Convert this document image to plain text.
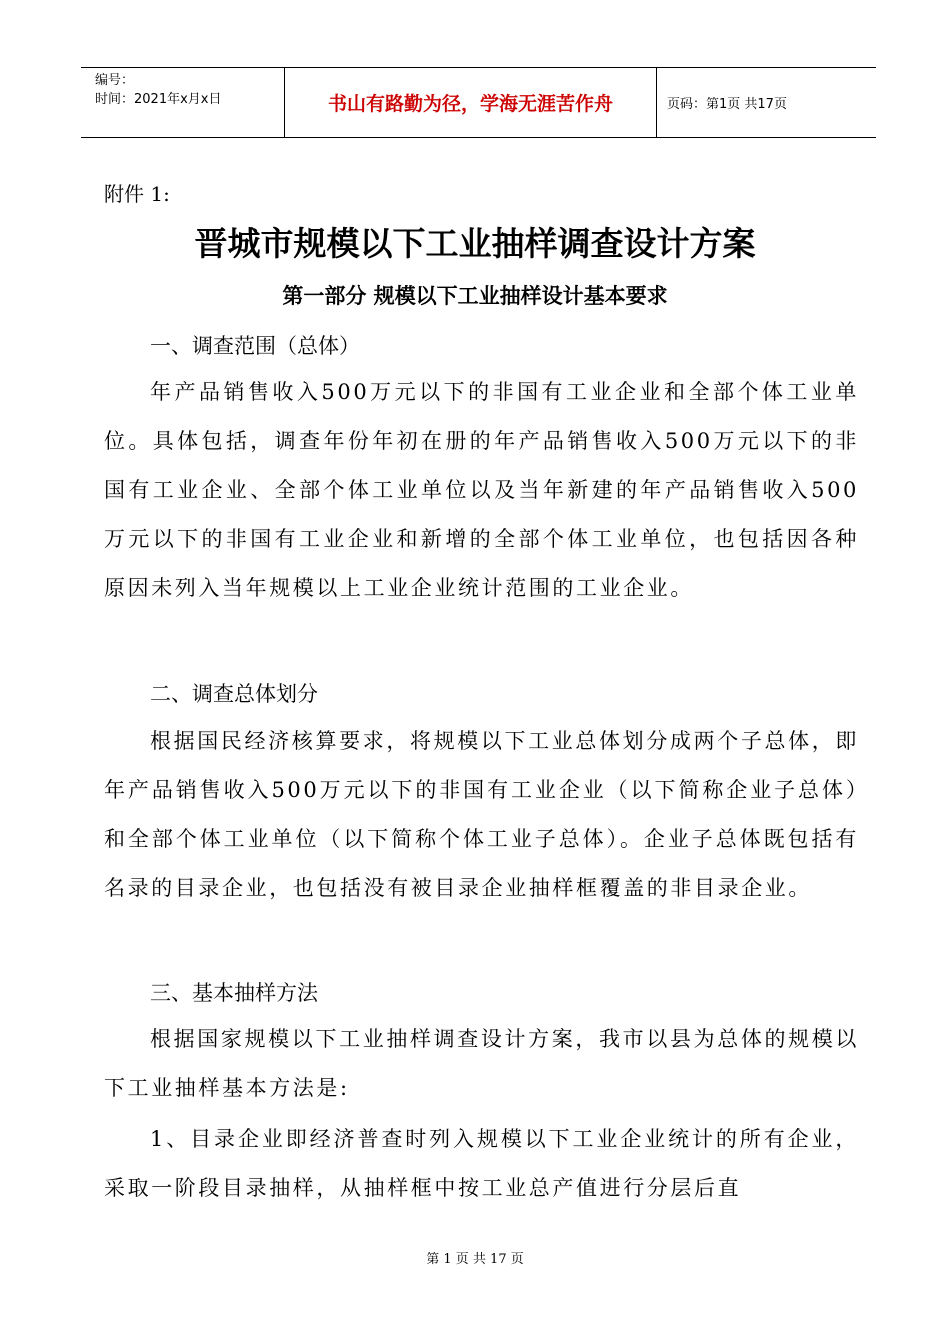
编号：
时间：2021年x月x日	书山有路勤为径，学海无涯苦作舟	页码：第1页 共17页
附件 1:
晋城市规模以下工业抽样调查设计方案
第一部分 规模以下工业抽样设计基本要求
一、调查范围（总体）

年产品销售收入500万元以下的非国有工业企业和全部个体工业单位。具体包括，调查年份年初在册的年产品销售收入500万元以下的非国有工业企业、全部个体工业单位以及当年新建的年产品销售收入500万元以下的非国有工业企业和新增的全部个体工业单位，也包括因各种原因未列入当年规模以上工业企业统计范围的工业企业。

二、调查总体划分

根据国民经济核算要求，将规模以下工业总体划分成两个子总体，即年产品销售收入500万元以下的非国有工业企业（以下简称企业子总体）和全部个体工业单位（以下简称个体工业子总体）。企业子总体既包括有名录的目录企业，也包括没有被目录企业抽样框覆盖的非目录企业。

三、基本抽样方法

根据国家规模以下工业抽样调查设计方案，我市以县为总体的规模以下工业抽样基本方法是:

1、目录企业即经济普查时列入规模以下工业企业统计的所有企业，采取一阶段目录抽样，从抽样框中按工业总产值进行分层后直

第 1 页 共 17 页
